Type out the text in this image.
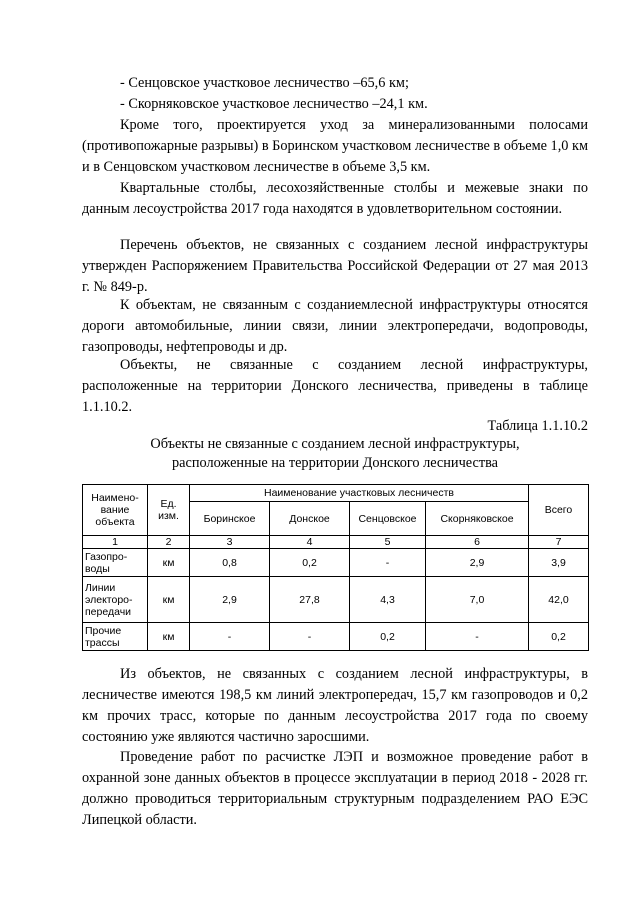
- Сенцовское участковое лесничество –65,6 км;

- Скорняковское участковое лесничество –24,1 км.

Кроме того, проектируется уход за минерализованными полосами (противопожарные разрывы) в Боринском участковом лесничестве в объеме 1,0 км и в Сенцовском участковом лесничестве в объеме 3,5 км.

Квартальные столбы, лесохозяйственные столбы и межевые знаки по данным лесоустройства 2017 года находятся в удовлетворительном состоянии.

Перечень объектов, не связанных с созданием лесной инфраструктуры утвержден Распоряжением Правительства Российской Федерации от 27 мая 2013 г. № 849-р.

К объектам, не связанным с созданиемлесной инфраструктуры относятся дороги автомобильные, линии связи, линии электропередачи, водопроводы, газопроводы, нефтепроводы и др.

Объекты, не связанные с созданием лесной инфраструктуры, расположенные на территории Донского лесничества, приведены в таблице 1.1.10.2.

Таблица 1.1.10.2

Объекты не связанные с созданием лесной инфраструктуры,

расположенные на территории Донского лесничества

Наимено-вание объекта	Ед. изм.	Наименование участковых лесничеств				Всего
		Боринское	Донское	Сенцовское	Скорняковское	
1	2	3	4	5	6	7
Газопро-воды	км	0,8	0,2	-	2,9	3,9
Линии электоро-передачи	км	2,9	27,8	4,3	7,0	42,0
Прочие трассы	км	-	-	0,2	-	0,2

Из объектов, не связанных с созданием лесной инфраструктуры, в лесничестве имеются 198,5 км линий электропередач, 15,7 км газопроводов и 0,2 км прочих трасс, которые по данным лесоустройства 2017 года по своему состоянию уже являются частично заросшими.

Проведение работ по расчистке ЛЭП и возможное проведение работ в охранной зоне данных объектов в процессе эксплуатации в период 2018 - 2028 гг. должно проводиться территориальным структурным подразделением РАО ЕЭС Липецкой области.
